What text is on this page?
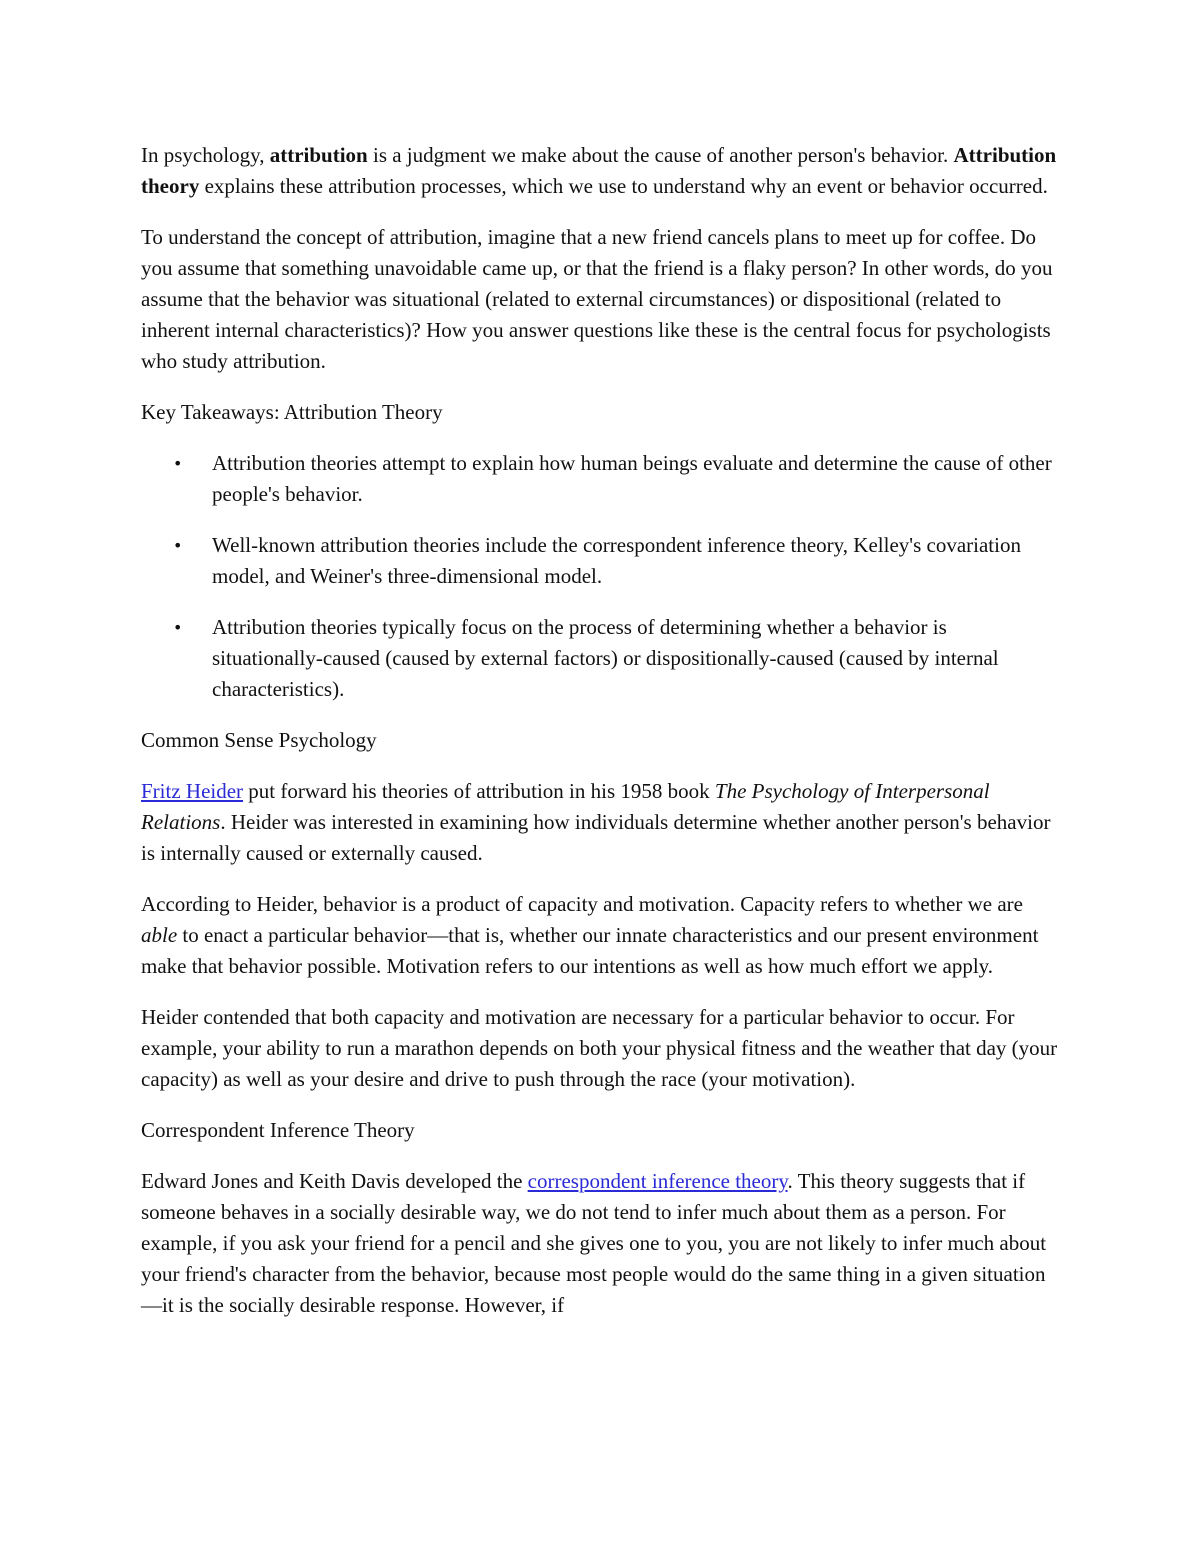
In psychology, attribution is a judgment we make about the cause of another person's behavior. Attribution theory explains these attribution processes, which we use to understand why an event or behavior occurred.

To understand the concept of attribution, imagine that a new friend cancels plans to meet up for coffee. Do you assume that something unavoidable came up, or that the friend is a flaky person? In other words, do you assume that the behavior was situational (related to external circumstances) or dispositional (related to inherent internal characteristics)? How you answer questions like these is the central focus for psychologists who study attribution.

Key Takeaways: Attribution Theory

• Attribution theories attempt to explain how human beings evaluate and determine the cause of other people's behavior.
• Well-known attribution theories include the correspondent inference theory, Kelley's covariation model, and Weiner's three-dimensional model.
• Attribution theories typically focus on the process of determining whether a behavior is situationally-caused (caused by external factors) or dispositionally-caused (caused by internal characteristics).

Common Sense Psychology

Fritz Heider put forward his theories of attribution in his 1958 book The Psychology of Interpersonal Relations. Heider was interested in examining how individuals determine whether another person's behavior is internally caused or externally caused.

According to Heider, behavior is a product of capacity and motivation. Capacity refers to whether we are able to enact a particular behavior—that is, whether our innate characteristics and our present environment make that behavior possible. Motivation refers to our intentions as well as how much effort we apply.

Heider contended that both capacity and motivation are necessary for a particular behavior to occur. For example, your ability to run a marathon depends on both your physical fitness and the weather that day (your capacity) as well as your desire and drive to push through the race (your motivation).

Correspondent Inference Theory

Edward Jones and Keith Davis developed the correspondent inference theory. This theory suggests that if someone behaves in a socially desirable way, we do not tend to infer much about them as a person. For example, if you ask your friend for a pencil and she gives one to you, you are not likely to infer much about your friend's character from the behavior, because most people would do the same thing in a given situation—it is the socially desirable response. However, if
